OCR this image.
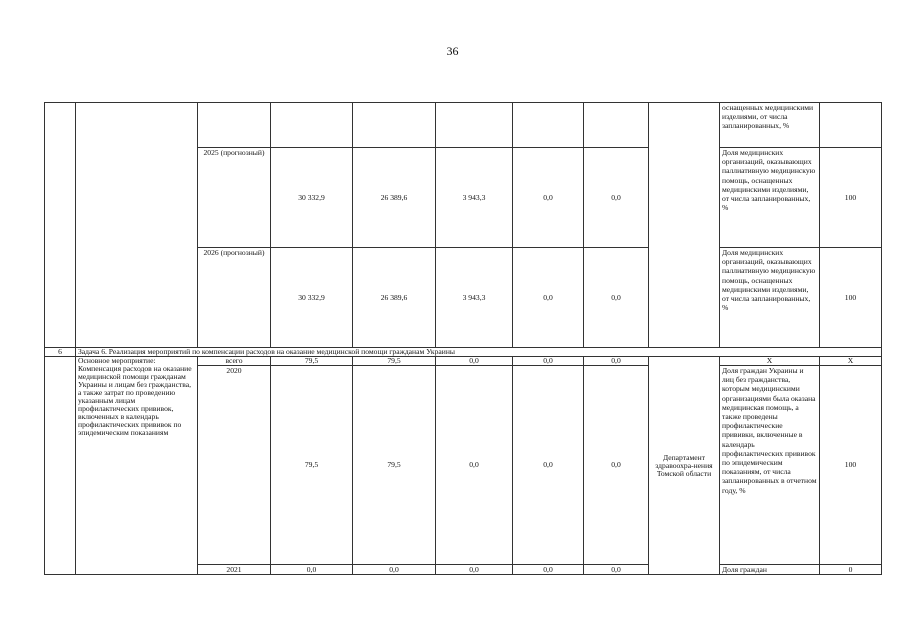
36
									оснащенных медицинскими изделиями, от числа запланированных, %	
		2025 (прогнозный)	30 332,9	26 389,6	3 943,3	0,0	0,0		Доля медицинских организаций, оказывающих паллиативную медицинскую помощь, оснащенных медицинскими изделиями, от числа запланированных, %	100
		2026 (прогнозный)	30 332,9	26 389,6	3 943,3	0,0	0,0		Доля медицинских организаций, оказывающих паллиативную медицинскую помощь, оснащенных медицинскими изделиями, от числа запланированных, %	100
6	Задача 6. Реализация мероприятий по компенсации расходов на оказание медицинской помощи гражданам Украины									
	Основное мероприятие: Компенсация расходов на оказание медицинской помощи гражданам Украины и лицам без гражданства, а также затрат по проведению указанным лицам профилактических прививок, включенных в календарь профилактических прививок по эпидемическим показаниям	всего	79,5	79,5	0,0	0,0	0,0	Департамент здравоохра-нения Томской области	Х	Х
		2020	79,5	79,5	0,0	0,0	0,0		Доля граждан Украины и лиц без гражданства, которым медицинскими организациями была оказана медицинская помощь, а также проведены профилактические прививки, включенные в календарь профилактических прививок по эпидемическим показаниям, от числа запланированных в отчетном году, %	100
		2021	0,0	0,0	0,0	0,0	0,0		Доля граждан	0
